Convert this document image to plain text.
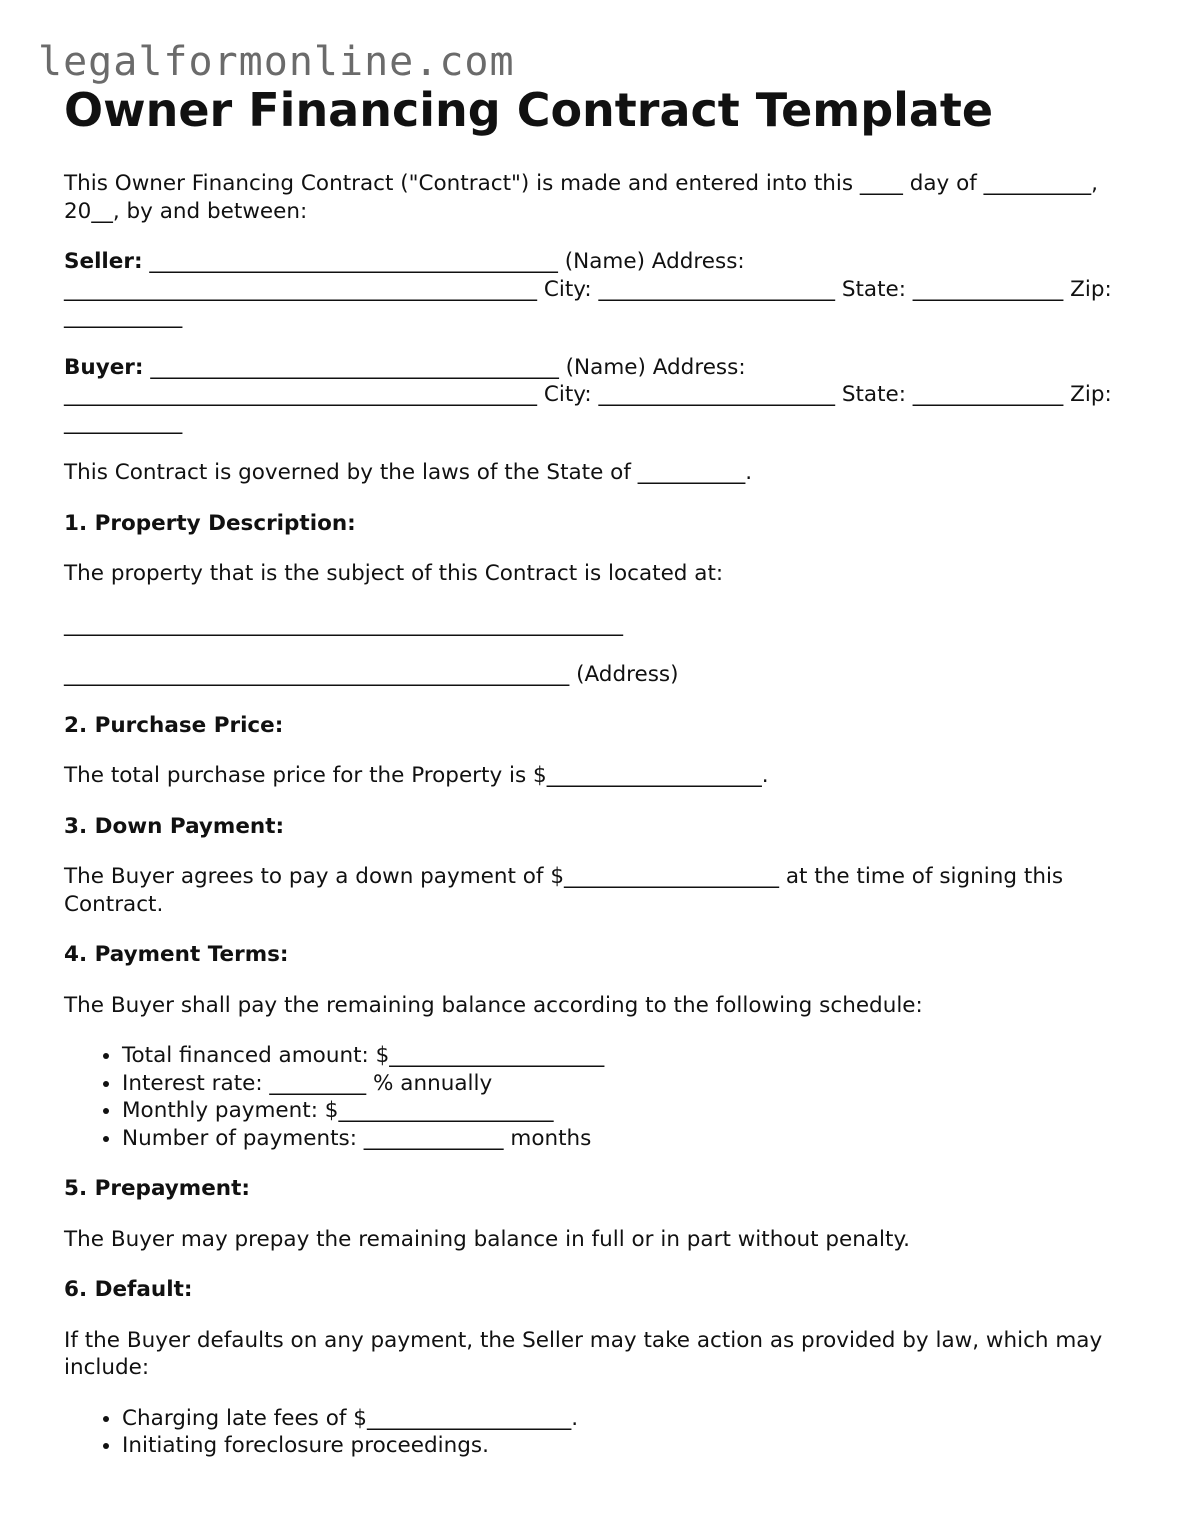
legalformonline.com
Owner Financing Contract Template

This Owner Financing Contract ("Contract") is made and entered into this ____ day of __________, 20__, by and between:

Seller: ______________________________________ (Name) Address: ____________________________________________ City: ______________________ State: ______________ Zip: ___________

Buyer: ______________________________________ (Name) Address: ____________________________________________ City: ______________________ State: ______________ Zip: ___________

This Contract is governed by the laws of the State of __________.

1. Property Description:

The property that is the subject of this Contract is located at:

____________________________________________________

_______________________________________________ (Address)

2. Purchase Price:

The total purchase price for the Property is $____________________.

3. Down Payment:

The Buyer agrees to pay a down payment of $____________________ at the time of signing this Contract.

4. Payment Terms:

The Buyer shall pay the remaining balance according to the following schedule:

• Total financed amount: $____________________
• Interest rate: _________ % annually
• Monthly payment: $____________________
• Number of payments: _____________ months

5. Prepayment:

The Buyer may prepay the remaining balance in full or in part without penalty.

6. Default:

If the Buyer defaults on any payment, the Seller may take action as provided by law, which may include:

• Charging late fees of $___________________.
• Initiating foreclosure proceedings.
